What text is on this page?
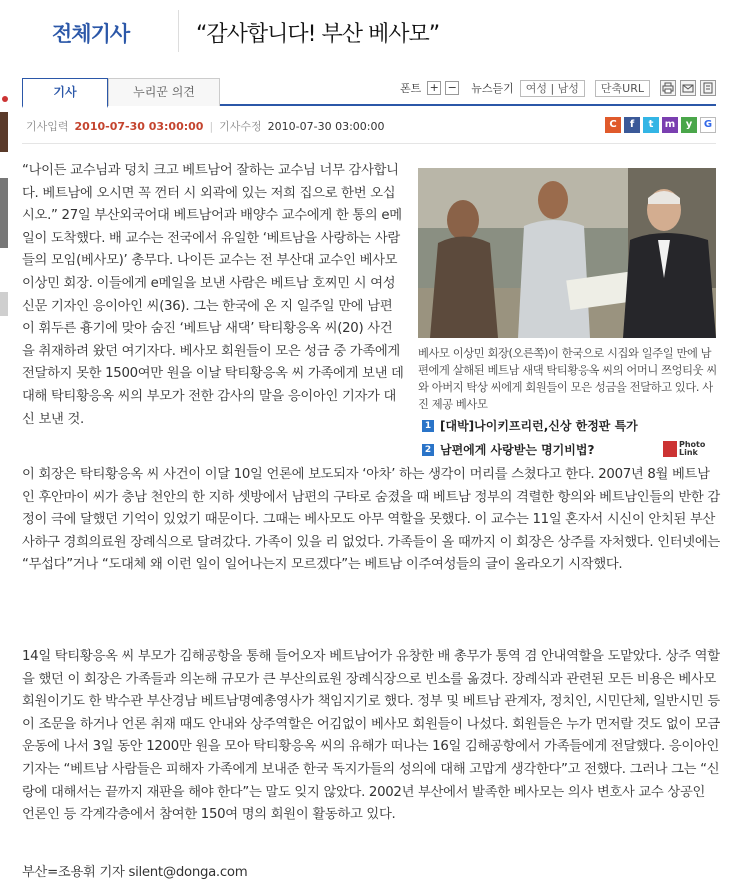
전체기사	“감사합니다! 부산 베사모”
기사	누리꾼 의견	폰트 + − 뉴스듣기	여성 | 남성	단축URL
기사입력 2010-07-30 03:00:00 | 기사수정 2010-07-30 03:00:00	C	f	t	m	y	G
“나이든 교수님과 덩치 크고 베트남어 잘하는 교수님 너무 감사합니다. 베트남에 오시면 꼭 껀터 시 외곽에 있는 저희 집으로 한번 오십시오.” 27일 부산외국어대 베트남어과 배양수 교수에게 한 통의 e메일이 도착했다. 배 교수는 전국에서 유일한 ‘베트남을 사랑하는 사람들의 모임(베사모)’ 총무다. 나이든 교수는 전 부산대 교수인 베사모 이상민 회장. 이들에게 e메일을 보낸 사람은 베트남 호찌민 시 여성신문 기자인 응이아인 씨(36). 그는 한국에 온 지 일주일 만에 남편이 휘두른 흉기에 맞아 숨진 ‘베트남 새댁’ 탁티황응옥 씨(20) 사건을 취재하려 왔던 여기자다. 베사모 회원들이 모은 성금 중 가족에게 전달하지 못한 1500여만 원을 이날 탁티황응옥 씨 가족에게 보낸 데 대해 탁티황응옥 씨의 부모가 전한 감사의 말을 응이아인 기자가 대신 보낸 것.
베사모 이상민 회장(오른쪽)이 한국으로 시집와 일주일 만에 남편에게 살해된 베트남 새댁 탁티황응옥 씨의 어머니 쯔엉티웃 씨와 아버지 탁상 씨에게 회원들이 모은 성금을 전달하고 있다. 사진 제공 베사모
1 [대박]나이키프리런,신상 한정판 특가
2 남편에게 사랑받는 명기비법?	Photo
Link
이 회장은 탁티황응옥 씨 사건이 이달 10일 언론에 보도되자 ‘아차’ 하는 생각이 머리를 스쳤다고 한다. 2007년 8월 베트남인 후안마이 씨가 충남 천안의 한 지하 셋방에서 남편의 구타로 숨졌을 때 베트남 정부의 격렬한 항의와 베트남인들의 반한 감정이 극에 달했던 기억이 있었기 때문이다. 그때는 베사모도 아무 역할을 못했다. 이 교수는 11일 혼자서 시신이 안치된 부산 사하구 경희의료원 장례식으로 달려갔다. 가족이 있을 리 없었다. 가족들이 올 때까지 이 회장은 상주를 자처했다. 인터넷에는 “무섭다”거나 “도대체 왜 이런 일이 일어나는지 모르겠다”는 베트남 이주여성들의 글이 올라오기 시작했다.
14일 탁티황응옥 씨 부모가 김해공항을 통해 들어오자 베트남어가 유창한 배 총무가 통역 겸 안내역할을 도맡았다. 상주 역할을 했던 이 회장은 가족들과 의논해 규모가 큰 부산의료원 장례식장으로 빈소를 옮겼다. 장례식과 관련된 모든 비용은 베사모 회원이기도 한 박수관 부산경남 베트남명예총영사가 책임지기로 했다. 정부 및 베트남 관계자, 정치인, 시민단체, 일반시민 등이 조문을 하거나 언론 취재 때도 안내와 상주역할은 어김없이 베사모 회원들이 나섰다. 회원들은 누가 먼저랄 것도 없이 모금운동에 나서 3일 동안 1200만 원을 모아 탁티황응옥 씨의 유해가 떠나는 16일 김해공항에서 가족들에게 전달했다. 응이아인 기자는 “베트남 사람들은 피해자 가족에게 보내준 한국 독지가들의 성의에 대해 고맙게 생각한다”고 전했다. 그러나 그는 “신랑에 대해서는 끝까지 재판을 해야 한다”는 말도 잊지 않았다. 2002년 부산에서 발족한 베사모는 의사 변호사 교수 상공인 언론인 등 각계각층에서 참여한 150여 명의 회원이 활동하고 있다.
부산=조용휘 기자 silent@donga.com
